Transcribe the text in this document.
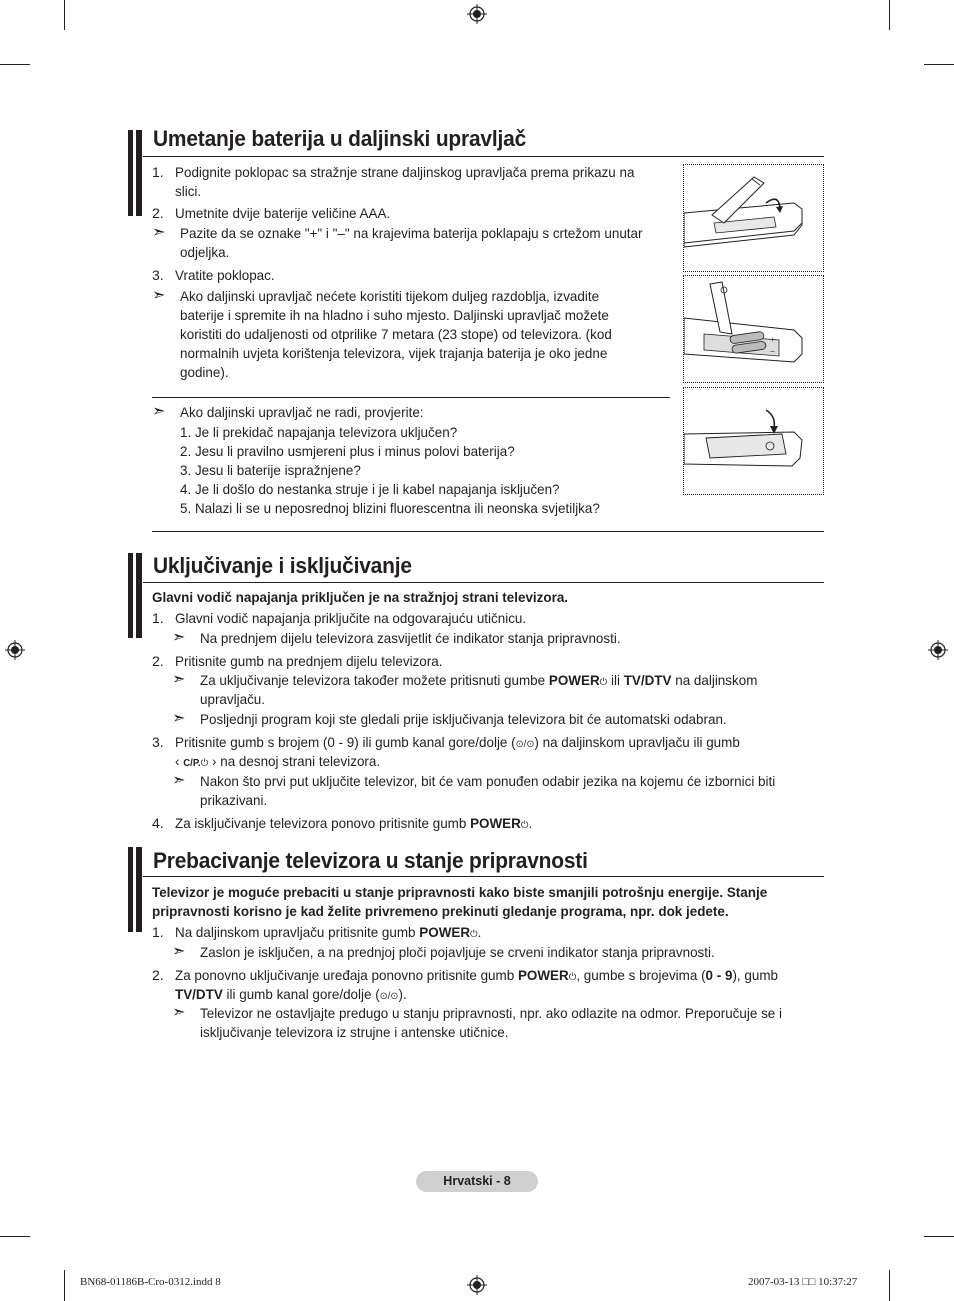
Umetanje baterija u daljinski upravljač
1. Podignite poklopac sa stražnje strane daljinskog upravljača prema prikazu na
slici.
2. Umetnite dvije baterije veličine AAA.
➣ Pazite da se oznake "+" i "–" na krajevima baterija poklapaju s crtežom unutar
odjeljka.
3. Vratite poklopac.
➣ Ako daljinski upravljač nećete koristiti tijekom duljeg razdoblja, izvadite
baterije i spremite ih na hladno i suho mjesto. Daljinski upravljač možete
koristiti do udaljenosti od otprilike 7 metara (23 stope) od televizora. (kod
normalnih uvjeta korištenja televizora, vijek trajanja baterija je oko jedne
godine).
➣ Ako daljinski upravljač ne radi, provjerite:
1. Je li prekidač napajanja televizora uključen?
2. Jesu li pravilno usmjereni plus i minus polovi baterija?
3. Jesu li baterije ispražnjene?
4. Je li došlo do nestanka struje i je li kabel napajanja isključen?
5. Nalazi li se u neposrednoj blizini fluorescentna ili neonska svjetiljka?
+
−
Uključivanje i isključivanje
Glavni vodič napajanja priključen je na stražnjoj strani televizora.
1. Glavni vodič napajanja priključite na odgovarajuću utičnicu.
➣ Na prednjem dijelu televizora zasvijetlit će indikator stanja pripravnosti.
2. Pritisnite gumb na prednjem dijelu televizora.
➣ Za uključivanje televizora također možete pritisnuti gumbe POWER⏻ ili TV/DTV na daljinskom
upravljaču.
➣ Posljednji program koji ste gledali prije isključivanja televizora bit će automatski odabran.
3. Pritisnite gumb s brojem (0 - 9) ili gumb kanal gore/dolje (⊙/⊙) na daljinskom upravljaču ili gumb
‹ C/P.⏻ › na desnoj strani televizora.
➣ Nakon što prvi put uključite televizor, bit će vam ponuđen odabir jezika na kojemu će izbornici biti
prikazivani.
4. Za isključivanje televizora ponovo pritisnite gumb POWER⏻.
Prebacivanje televizora u stanje pripravnosti
Televizor je moguće prebaciti u stanje pripravnosti kako biste smanjili potrošnju energije. Stanje
pripravnosti korisno je kad želite privremeno prekinuti gledanje programa, npr. dok jedete.
1. Na daljinskom upravljaču pritisnite gumb POWER⏻.
➣ Zaslon je isključen, a na prednjoj ploči pojavljuje se crveni indikator stanja pripravnosti.
2. Za ponovno uključivanje uređaja ponovno pritisnite gumb POWER⏻, gumbe s brojevima (0 - 9), gumb
TV/DTV ili gumb kanal gore/dolje (⊙/⊙).
➣ Televizor ne ostavljajte predugo u stanju pripravnosti, npr. ako odlazite na odmor. Preporučuje se i
isključivanje televizora iz strujne i antenske utičnice.
Hrvatski - 8
BN68-01186B-Cro-0312.indd 8	2007-03-13 □□ 10:37:27
